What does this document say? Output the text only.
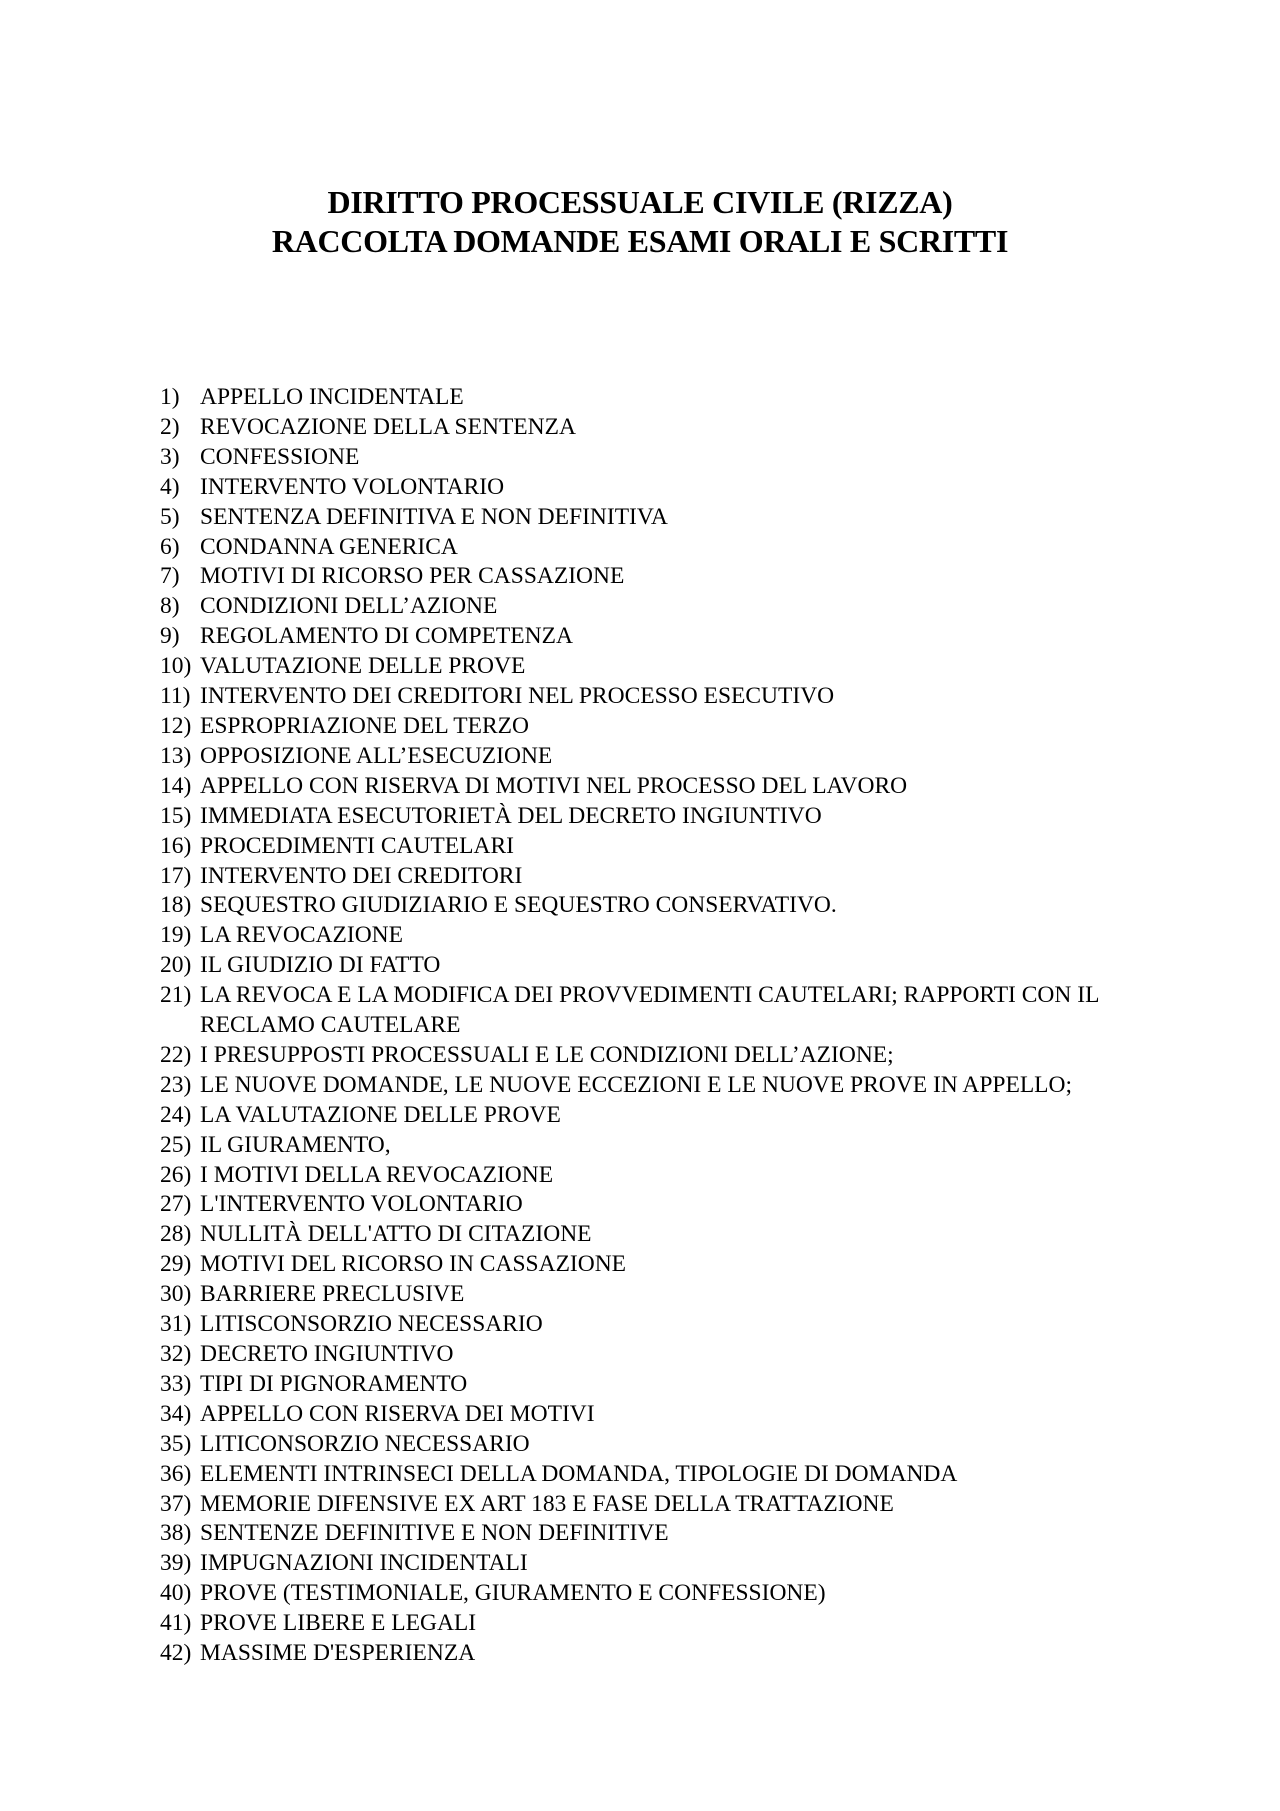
DIRITTO PROCESSUALE CIVILE (RIZZA)

RACCOLTA DOMANDE ESAMI ORALI E SCRITTI

1) APPELLO INCIDENTALE
2) REVOCAZIONE DELLA SENTENZA
3) CONFESSIONE
4) INTERVENTO VOLONTARIO
5) SENTENZA DEFINITIVA E NON DEFINITIVA
6) CONDANNA GENERICA
7) MOTIVI DI RICORSO PER CASSAZIONE
8) CONDIZIONI DELL’AZIONE
9) REGOLAMENTO DI COMPETENZA
10) VALUTAZIONE DELLE PROVE
11) INTERVENTO DEI CREDITORI NEL PROCESSO ESECUTIVO
12) ESPROPRIAZIONE DEL TERZO
13) OPPOSIZIONE ALL’ESECUZIONE
14) APPELLO CON RISERVA DI MOTIVI NEL PROCESSO DEL LAVORO
15) IMMEDIATA ESECUTORIETÀ DEL DECRETO INGIUNTIVO
16) PROCEDIMENTI CAUTELARI
17) INTERVENTO DEI CREDITORI
18) SEQUESTRO GIUDIZIARIO E SEQUESTRO CONSERVATIVO.
19) LA REVOCAZIONE
20) IL GIUDIZIO DI FATTO
21) LA REVOCA E LA MODIFICA DEI PROVVEDIMENTI CAUTELARI; RAPPORTI CON IL RECLAMO CAUTELARE
22) I PRESUPPOSTI PROCESSUALI E LE CONDIZIONI DELL’AZIONE;
23) LE NUOVE DOMANDE, LE NUOVE ECCEZIONI E LE NUOVE PROVE IN APPELLO;
24) LA VALUTAZIONE DELLE PROVE
25) IL GIURAMENTO,
26) I MOTIVI DELLA REVOCAZIONE
27) L'INTERVENTO VOLONTARIO
28) NULLITÀ DELL'ATTO DI CITAZIONE
29) MOTIVI DEL RICORSO IN CASSAZIONE
30) BARRIERE PRECLUSIVE
31) LITISCONSORZIO NECESSARIO
32) DECRETO INGIUNTIVO
33) TIPI DI PIGNORAMENTO
34) APPELLO CON RISERVA DEI MOTIVI
35) LITICONSORZIO NECESSARIO
36) ELEMENTI INTRINSECI DELLA DOMANDA, TIPOLOGIE DI DOMANDA
37) MEMORIE DIFENSIVE EX ART 183 E FASE DELLA TRATTAZIONE
38) SENTENZE DEFINITIVE E NON DEFINITIVE
39) IMPUGNAZIONI INCIDENTALI
40) PROVE (TESTIMONIALE, GIURAMENTO E CONFESSIONE)
41) PROVE LIBERE E LEGALI
42) MASSIME D'ESPERIENZA
